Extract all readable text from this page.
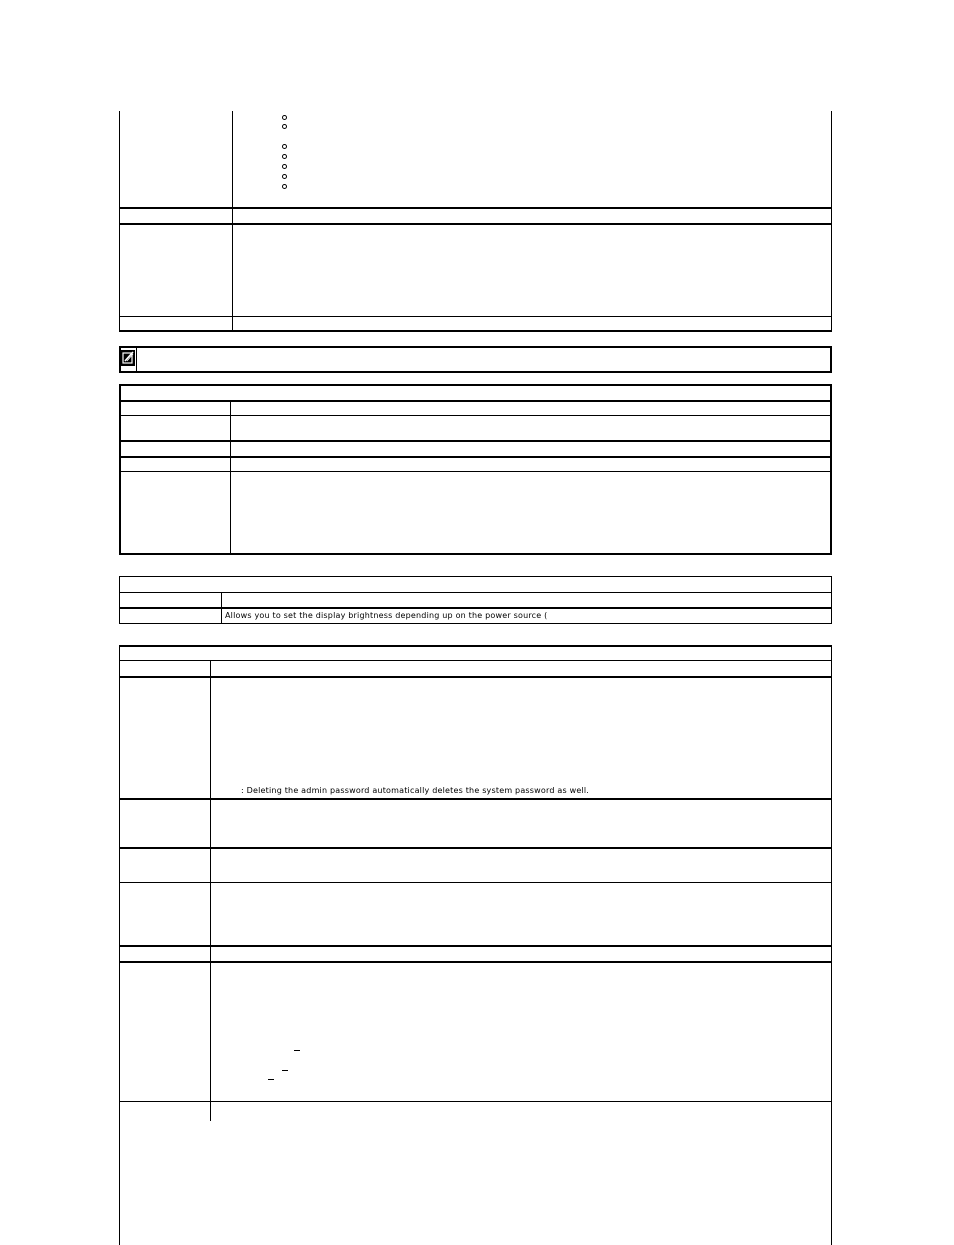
Allows you to set the display brightness depending up on the power source (
: Deleting the admin password automatically deletes the system password as well.
